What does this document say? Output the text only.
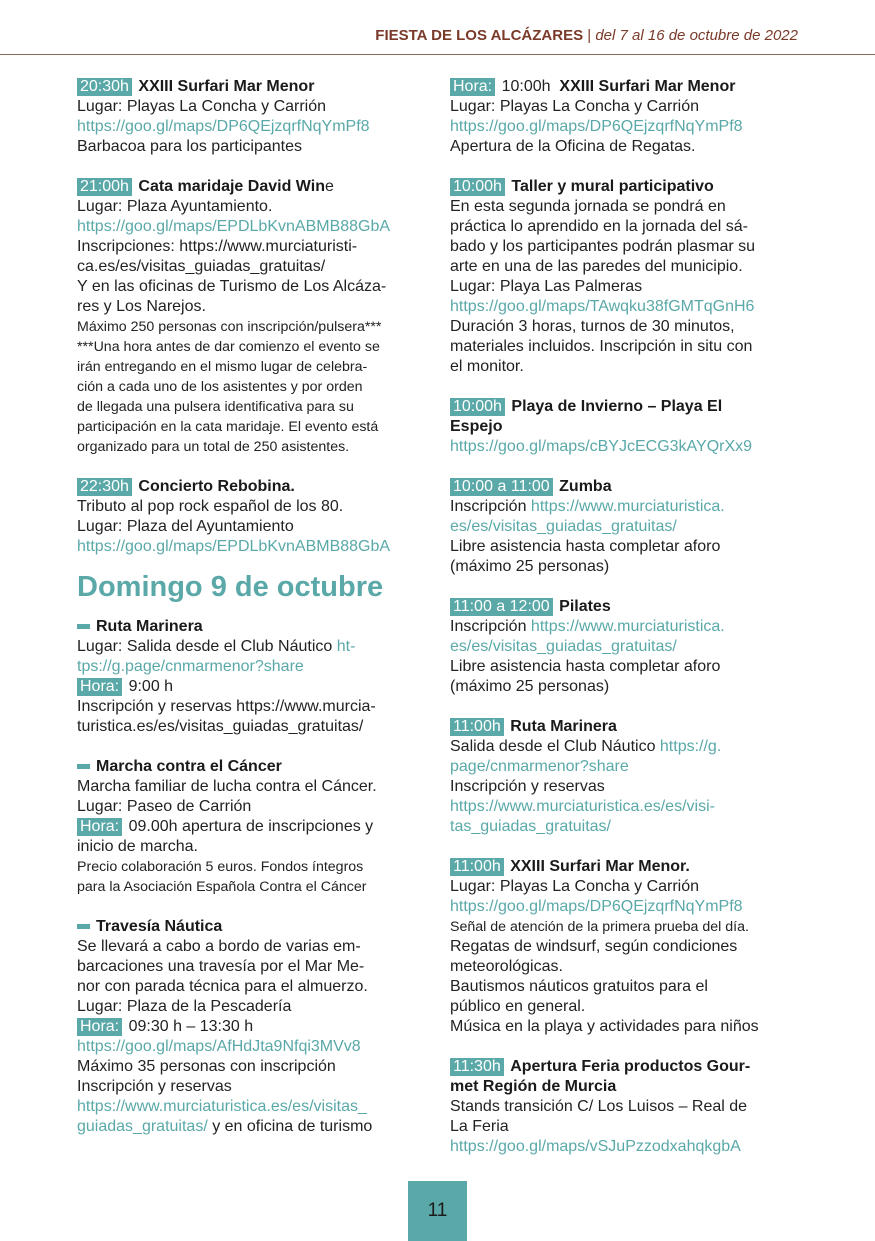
FIESTA DE LOS ALCÁZARES | del 7 al 16 de octubre de 2022
20:30h XXIII Surfari Mar Menor
Lugar: Playas La Concha y Carrión
https://goo.gl/maps/DP6QEjzqrfNqYmPf8
Barbacoa para los participantes
21:00h Cata maridaje David Wine
Lugar: Plaza Ayuntamiento.
https://goo.gl/maps/EPDLbKvnABMB88GbA
Inscripciones: https://www.murciaturisti-
ca.es/es/visitas_guiadas_gratuitas/
Y en las oficinas de Turismo de Los Alcáza-
res y Los Narejos.
Máximo 250 personas con inscripción/pulsera***
***Una hora antes de dar comienzo el evento se
irán entregando en el mismo lugar de celebra-
ción a cada uno de los asistentes y por orden
de llegada una pulsera identificativa para su
participación en la cata maridaje. El evento está
organizado para un total de 250 asistentes.
22:30h Concierto Rebobina.
Tributo al pop rock español de los 80.
Lugar: Plaza del Ayuntamiento
https://goo.gl/maps/EPDLbKvnABMB88GbA
Domingo 9 de octubre
Ruta Marinera
Lugar: Salida desde el Club Náutico ht-
tps://g.page/cnmarmenor?share
Hora: 9:00 h
Inscripción y reservas https://www.murcia-
turistica.es/es/visitas_guiadas_gratuitas/
Marcha contra el Cáncer
Marcha familiar de lucha contra el Cáncer.
Lugar: Paseo de Carrión
Hora: 09.00h apertura de inscripciones y
inicio de marcha.
Precio colaboración 5 euros. Fondos íntegros
para la Asociación Española Contra el Cáncer
Travesía Náutica
Se llevará a cabo a bordo de varias em-
barcaciones una travesía por el Mar Me-
nor con parada técnica para el almuerzo.
Lugar: Plaza de la Pescadería
Hora: 09:30 h – 13:30 h
https://goo.gl/maps/AfHdJta9Nfqi3MVv8
Máximo 35 personas con inscripción
Inscripción y reservas
https://www.murciaturistica.es/es/visitas_
guiadas_gratuitas/ y en oficina de turismo
Hora: 10:00h XXIII Surfari Mar Menor
Lugar: Playas La Concha y Carrión
https://goo.gl/maps/DP6QEjzqrfNqYmPf8
Apertura de la Oficina de Regatas.
10:00h Taller y mural participativo
En esta segunda jornada se pondrá en
práctica lo aprendido en la jornada del sá-
bado y los participantes podrán plasmar su
arte en una de las paredes del municipio.
Lugar: Playa Las Palmeras
https://goo.gl/maps/TAwqku38fGMTqGnH6
Duración 3 horas, turnos de 30 minutos,
materiales incluidos. Inscripción in situ con
el monitor.
10:00h Playa de Invierno – Playa El
Espejo
https://goo.gl/maps/cBYJcECG3kAYQrXx9
10:00 a 11:00 Zumba
Inscripción https://www.murciaturistica.
es/es/visitas_guiadas_gratuitas/
Libre asistencia hasta completar aforo
(máximo 25 personas)
11:00 a 12:00 Pilates
Inscripción https://www.murciaturistica.
es/es/visitas_guiadas_gratuitas/
Libre asistencia hasta completar aforo
(máximo 25 personas)
11:00h Ruta Marinera
Salida desde el Club Náutico https://g.
page/cnmarmenor?share
Inscripción y reservas
https://www.murciaturistica.es/es/visi-
tas_guiadas_gratuitas/
11:00h XXIII Surfari Mar Menor.
Lugar: Playas La Concha y Carrión
https://goo.gl/maps/DP6QEjzqrfNqYmPf8
Señal de atención de la primera prueba del día.
Regatas de windsurf, según condiciones
meteorológicas.
Bautismos náuticos gratuitos para el
público en general.
Música en la playa y actividades para niños
11:30h Apertura Feria productos Gour-
met Región de Murcia
Stands transición C/ Los Luisos – Real de
La Feria
https://goo.gl/maps/vSJuPzzodxahqkgbA
11
